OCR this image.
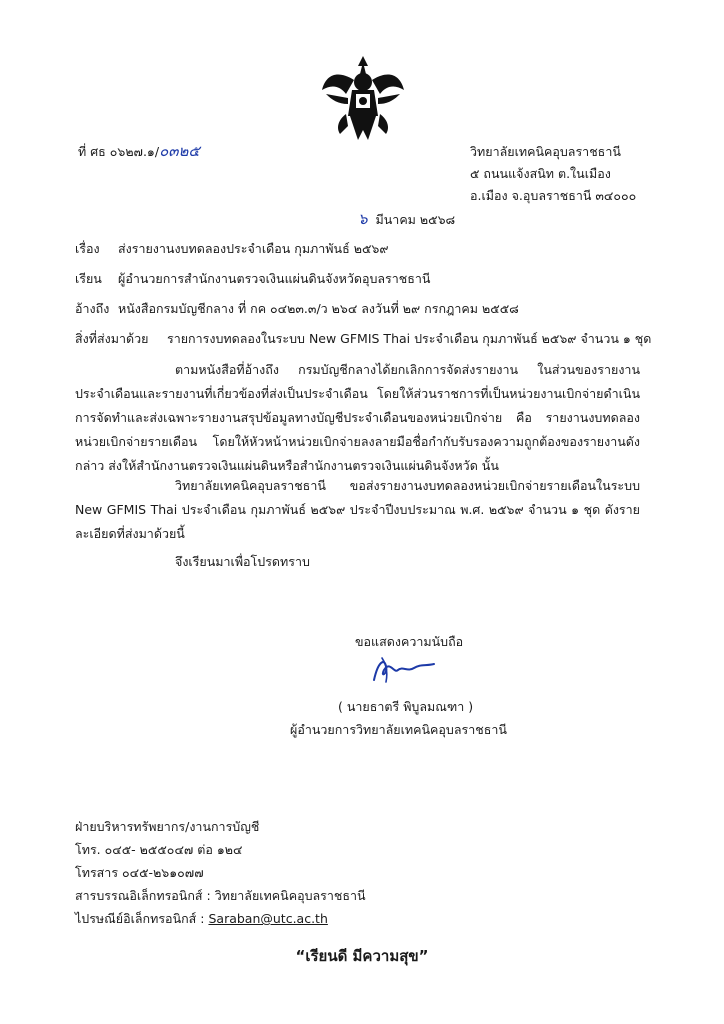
ที่ ศธ ๐๖๒๗.๑/๐๓๒๕	วิทยาลัยเทคนิคอุบลราชธานี
๕ ถนนแจ้งสนิท ต.ในเมือง
อ.เมือง จ.อุบลราชธานี ๓๔๐๐๐
๖ มีนาคม ๒๕๖๘
เรื่อง ส่งรายงานงบทดลองประจำเดือน กุมภาพันธ์ ๒๕๖๙
เรียน ผู้อำนวยการสำนักงานตรวจเงินแผ่นดินจังหวัดอุบลราชธานี
อ้างถึง หนังสือกรมบัญชีกลาง ที่ กค ๐๔๒๓.๓/ว ๒๖๔ ลงวันที่ ๒๙ กรกฎาคม ๒๕๕๘
สิ่งที่ส่งมาด้วย รายการงบทดลองในระบบ New GFMIS Thai ประจำเดือน กุมภาพันธ์ ๒๕๖๙ จำนวน ๑ ชุด
ตามหนังสือที่อ้างถึง กรมบัญชีกลางได้ยกเลิกการจัดส่งรายงาน ในส่วนของรายงานประจำเดือนและรายงานที่เกี่ยวข้องที่ส่งเป็นประจำเดือน โดยให้ส่วนราชการที่เป็นหน่วยงานเบิกจ่ายดำเนินการจัดทำและส่งเฉพาะรายงานสรุปข้อมูลทางบัญชีประจำเดือนของหน่วยเบิกจ่าย คือ รายงานงบทดลองหน่วยเบิกจ่ายรายเดือน โดยให้หัวหน้าหน่วยเบิกจ่ายลงลายมือชื่อกำกับรับรองความถูกต้องของรายงานดังกล่าว ส่งให้สำนักงานตรวจเงินแผ่นดินหรือสำนักงานตรวจเงินแผ่นดินจังหวัด นั้น
วิทยาลัยเทคนิคอุบลราชธานี ขอส่งรายงานงบทดลองหน่วยเบิกจ่ายรายเดือนในระบบ New GFMIS Thai ประจำเดือน กุมภาพันธ์ ๒๕๖๙ ประจำปีงบประมาณ พ.ศ. ๒๕๖๙ จำนวน ๑ ชุด ดังรายละเอียดที่ส่งมาด้วยนี้
จึงเรียนมาเพื่อโปรดทราบ
ขอแสดงความนับถือ
( นายธาตรี พิบูลมณฑา )
ผู้อำนวยการวิทยาลัยเทคนิคอุบลราชธานี
ฝ่ายบริหารทรัพยากร/งานการบัญชี
โทร. ๐๔๕- ๒๕๕๐๔๗ ต่อ ๑๒๔
โทรสาร ๐๔๕-๒๖๑๐๗๗
สารบรรณอิเล็กทรอนิกส์ : วิทยาลัยเทคนิคอุบลราชธานี
ไปรษณีย์อิเล็กทรอนิกส์ : Saraban@utc.ac.th
“เรียนดี มีความสุข”
